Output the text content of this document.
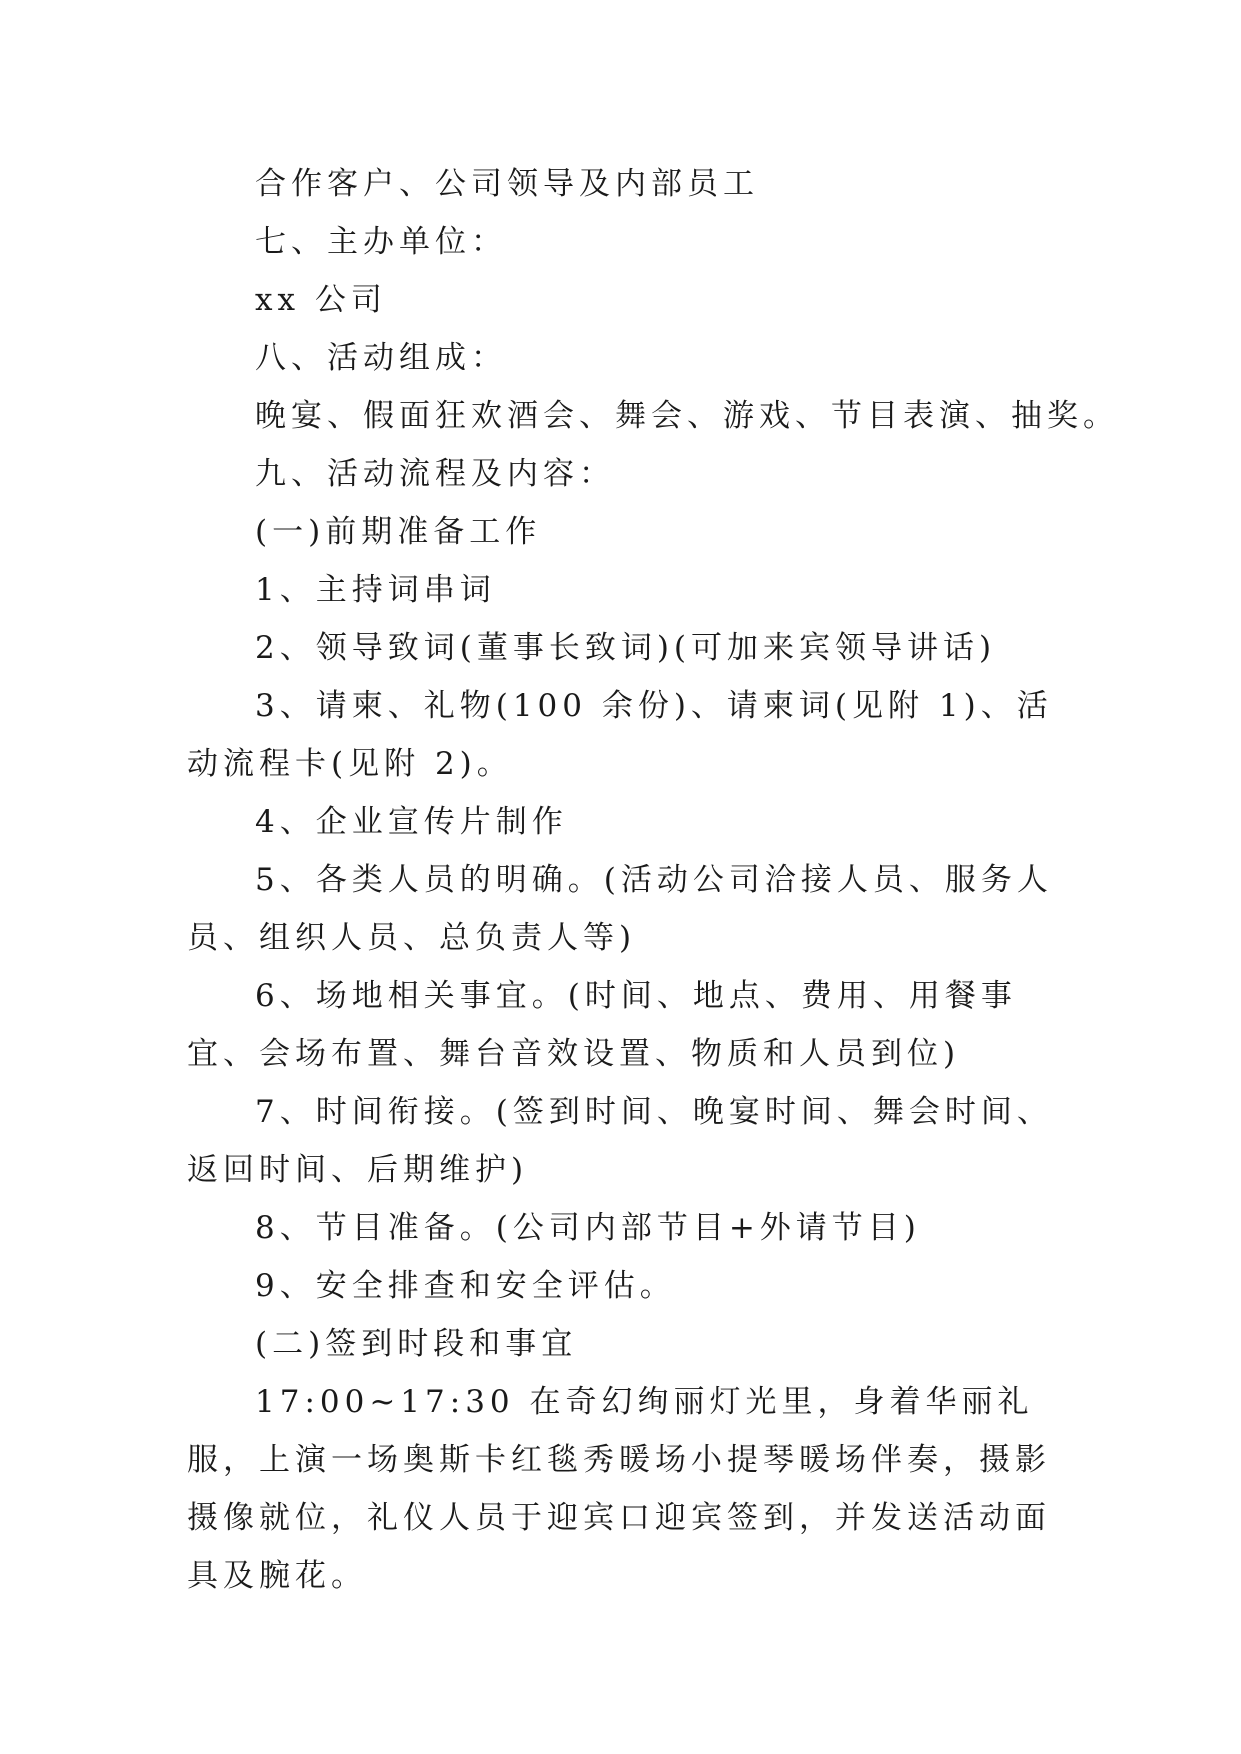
合作客户、公司领导及内部员工

七、主办单位：

xx 公司

八、活动组成：

晚宴、假面狂欢酒会、舞会、游戏、节目表演、抽奖。

九、活动流程及内容：

(一)前期准备工作

1、主持词串词

2、领导致词(董事长致词)(可加来宾领导讲话)

3、请柬、礼物(100 余份)、请柬词(见附 1)、活动流程卡(见附 2)。

4、企业宣传片制作

5、各类人员的明确。(活动公司洽接人员、服务人员、组织人员、总负责人等)

6、场地相关事宜。(时间、地点、费用、用餐事宜、会场布置、舞台音效设置、物质和人员到位)

7、时间衔接。(签到时间、晚宴时间、舞会时间、返回时间、后期维护)

8、节目准备。(公司内部节目+外请节目)

9、安全排查和安全评估。

(二)签到时段和事宜

17:00~17:30 在奇幻绚丽灯光里，身着华丽礼服，上演一场奥斯卡红毯秀暖场小提琴暖场伴奏，摄影摄像就位，礼仪人员于迎宾口迎宾签到，并发送活动面具及腕花。
